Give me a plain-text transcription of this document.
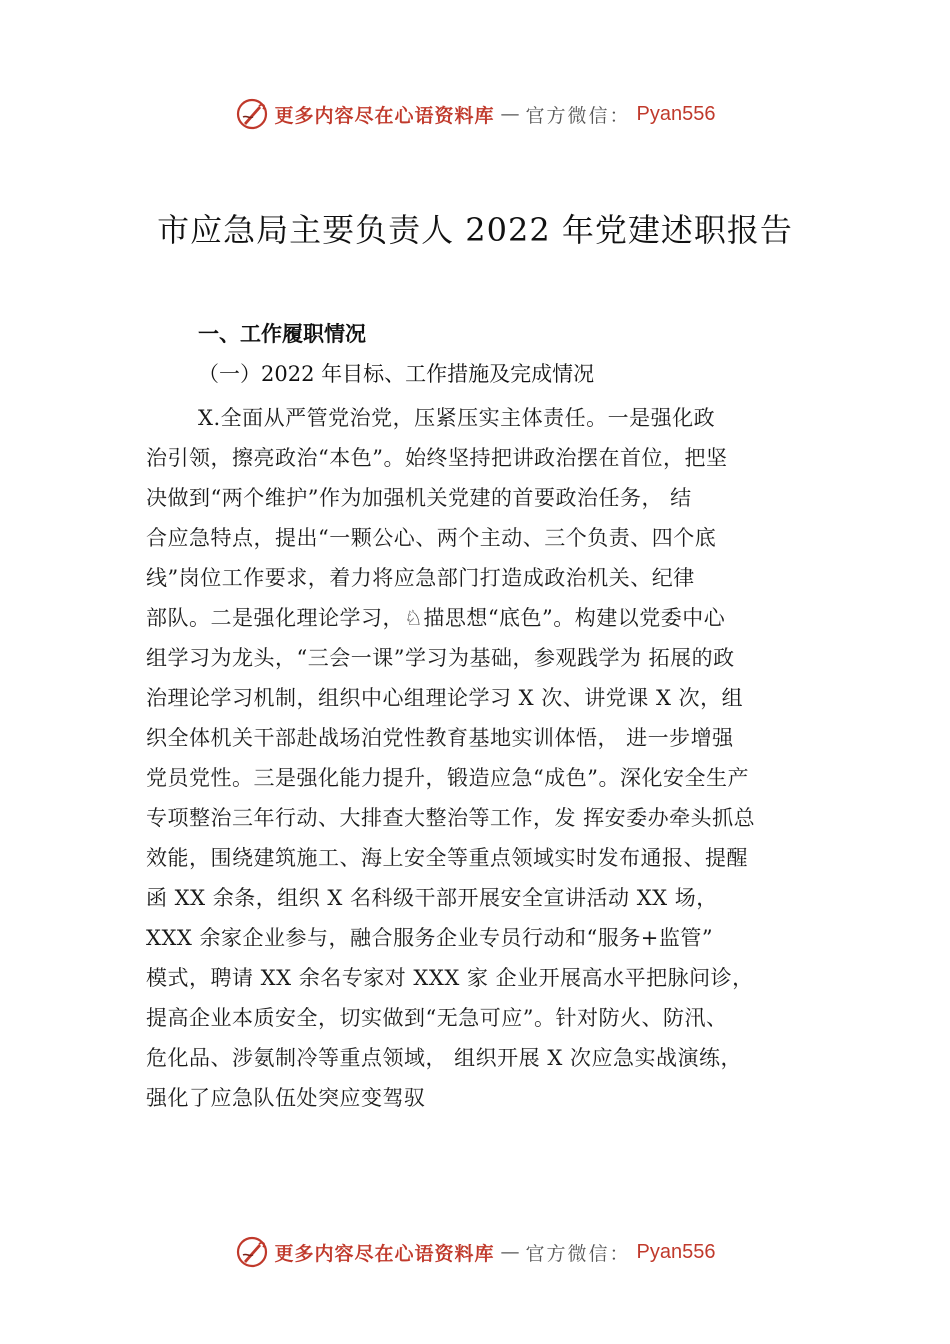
更多内容尽在心语资料库 — 官方微信： Pyan556
市应急局主要负责人 2022 年党建述职报告
一、工作履职情况
（一）2022 年目标、工作措施及完成情况
X.全面从严管党治党，压紧压实主体责任。一是强化政
治引领，擦亮政治“本色”。始终坚持把讲政治摆在首位，把坚
决做到“两个维护”作为加强机关党建的首要政治任务， 结
合应急特点，提出“一颗公心、两个主动、三个负责、四个底
线”岗位工作要求，着力将应急部门打造成政治机关、纪律
部队。二是强化理论学习，♘描思想“底色”。构建以党委中心
组学习为龙头，“三会一课”学习为基础，参观践学为 拓展的政
治理论学习机制，组织中心组理论学习 X 次、讲党课 X 次，组
织全体机关干部赴战场泊党性教育基地实训体悟， 进一步增强
党员党性。三是强化能力提升，锻造应急“成色”。深化安全生产
专项整治三年行动、大排查大整治等工作，发 挥安委办牵头抓总
效能，围绕建筑施工、海上安全等重点领域实时发布通报、提醒
函 XX 余条，组织 X 名科级干部开展安全宣讲活动 XX 场，
XXX 余家企业参与，融合服务企业专员行动和“服务+监管”
模式，聘请 XX 余名专家对 XXX 家 企业开展高水平把脉问诊，
提高企业本质安全，切实做到“无急可应”。针对防火、防汛、
危化品、涉氨制冷等重点领域， 组织开展 X 次应急实战演练，
强化了应急队伍处突应变驾驭
更多内容尽在心语资料库 — 官方微信： Pyan556
